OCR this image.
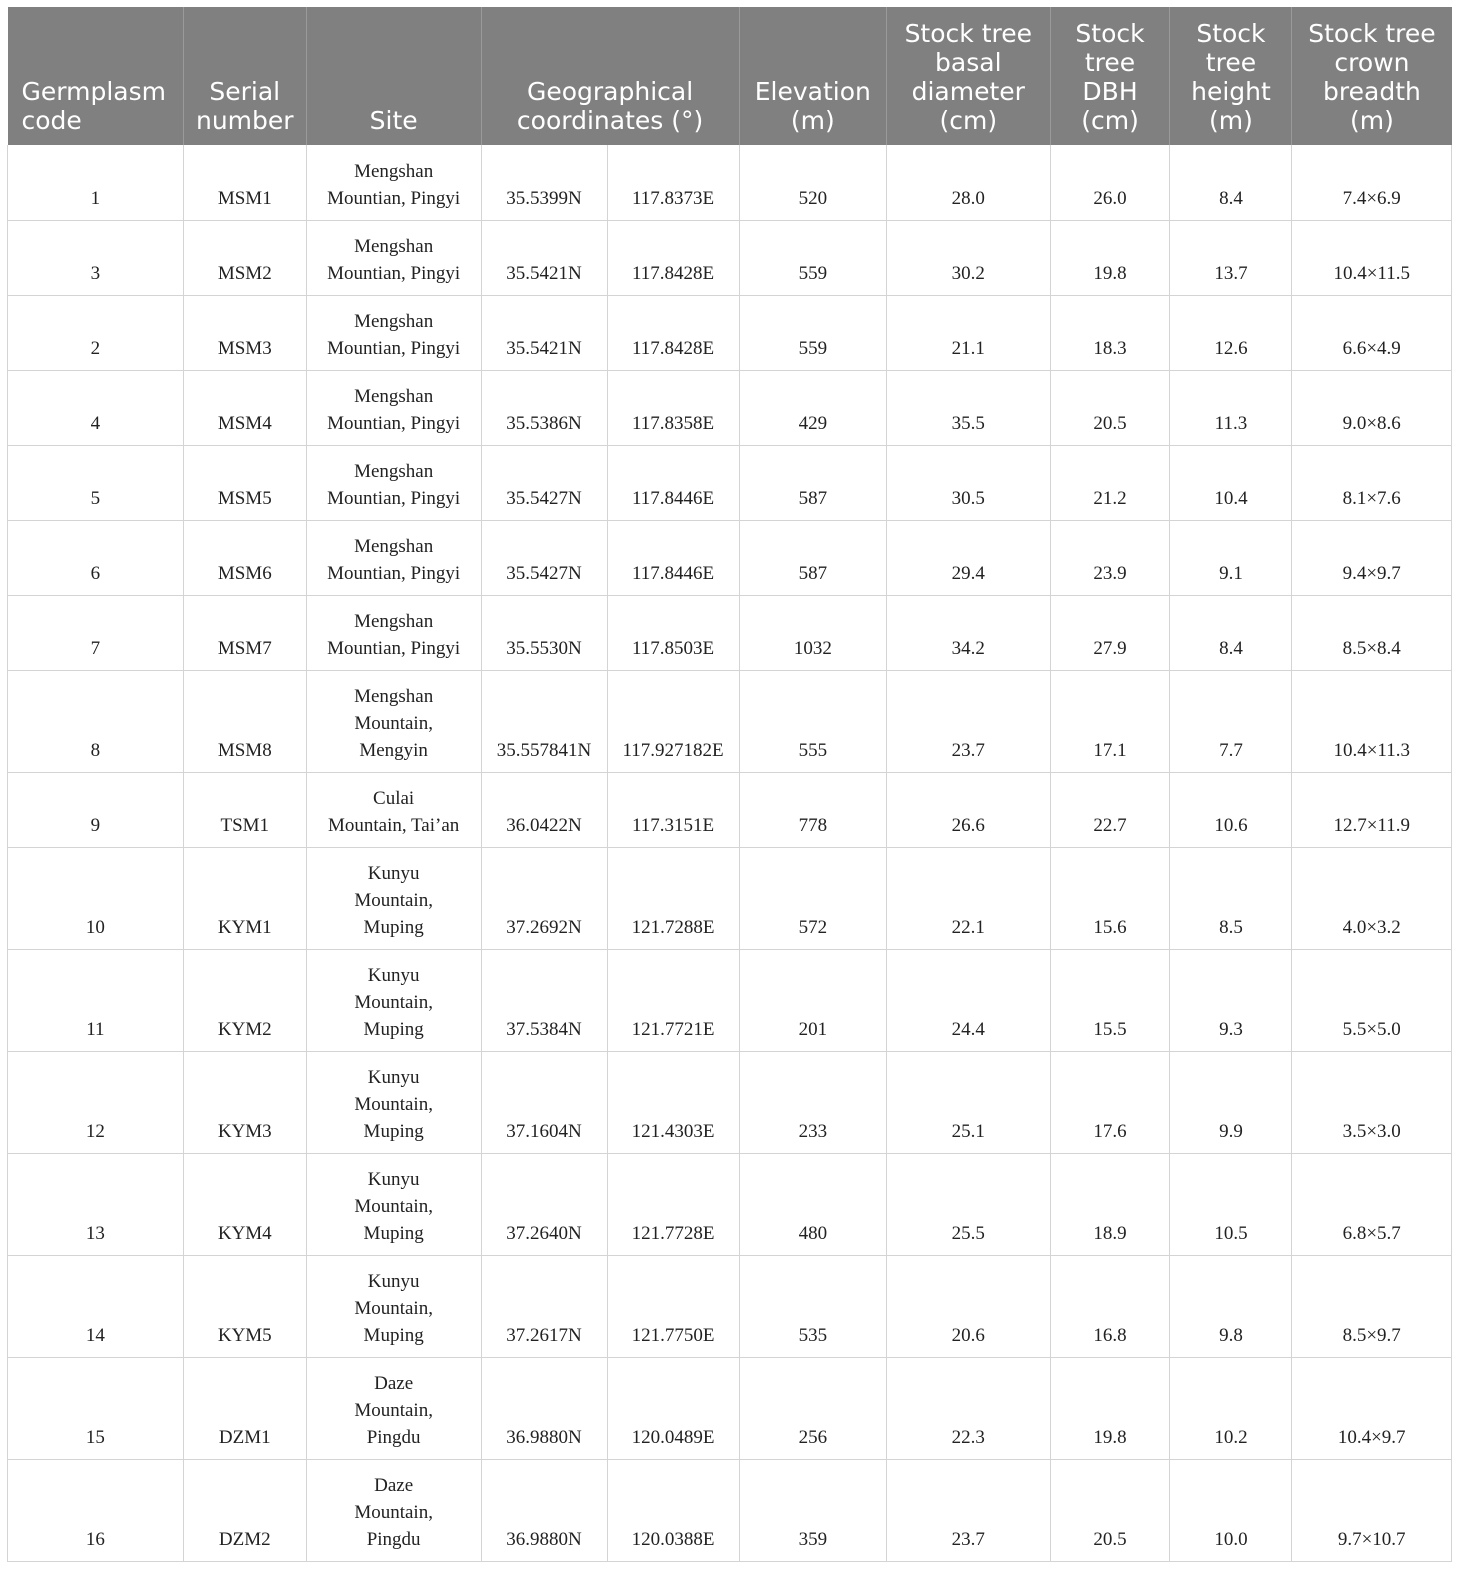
Germplasm code	Serial number	Site	Geographical coordinates (°)		Elevation (m)	Stock tree basal diameter (cm)	Stock tree DBH (cm)	Stock tree height (m)	Stock tree crown breadth (m)
1	MSM1	Mengshan
Mountian, Pingyi	35.5399N	117.8373E	520	28.0	26.0	8.4	7.4×6.9
3	MSM2	Mengshan
Mountian, Pingyi	35.5421N	117.8428E	559	30.2	19.8	13.7	10.4×11.5
2	MSM3	Mengshan
Mountian, Pingyi	35.5421N	117.8428E	559	21.1	18.3	12.6	6.6×4.9
4	MSM4	Mengshan
Mountian, Pingyi	35.5386N	117.8358E	429	35.5	20.5	11.3	9.0×8.6
5	MSM5	Mengshan
Mountian, Pingyi	35.5427N	117.8446E	587	30.5	21.2	10.4	8.1×7.6
6	MSM6	Mengshan
Mountian, Pingyi	35.5427N	117.8446E	587	29.4	23.9	9.1	9.4×9.7
7	MSM7	Mengshan
Mountian, Pingyi	35.5530N	117.8503E	1032	34.2	27.9	8.4	8.5×8.4
8	MSM8	Mengshan
Mountain,
Mengyin	35.557841N	117.927182E	555	23.7	17.1	7.7	10.4×11.3
9	TSM1	Culai
Mountain, Tai’an	36.0422N	117.3151E	778	26.6	22.7	10.6	12.7×11.9
10	KYM1	Kunyu
Mountain,
Muping	37.2692N	121.7288E	572	22.1	15.6	8.5	4.0×3.2
11	KYM2	Kunyu
Mountain,
Muping	37.5384N	121.7721E	201	24.4	15.5	9.3	5.5×5.0
12	KYM3	Kunyu
Mountain,
Muping	37.1604N	121.4303E	233	25.1	17.6	9.9	3.5×3.0
13	KYM4	Kunyu
Mountain,
Muping	37.2640N	121.7728E	480	25.5	18.9	10.5	6.8×5.7
14	KYM5	Kunyu
Mountain,
Muping	37.2617N	121.7750E	535	20.6	16.8	9.8	8.5×9.7
15	DZM1	Daze
Mountain,
Pingdu	36.9880N	120.0489E	256	22.3	19.8	10.2	10.4×9.7
16	DZM2	Daze
Mountain,
Pingdu	36.9880N	120.0388E	359	23.7	20.5	10.0	9.7×10.7
